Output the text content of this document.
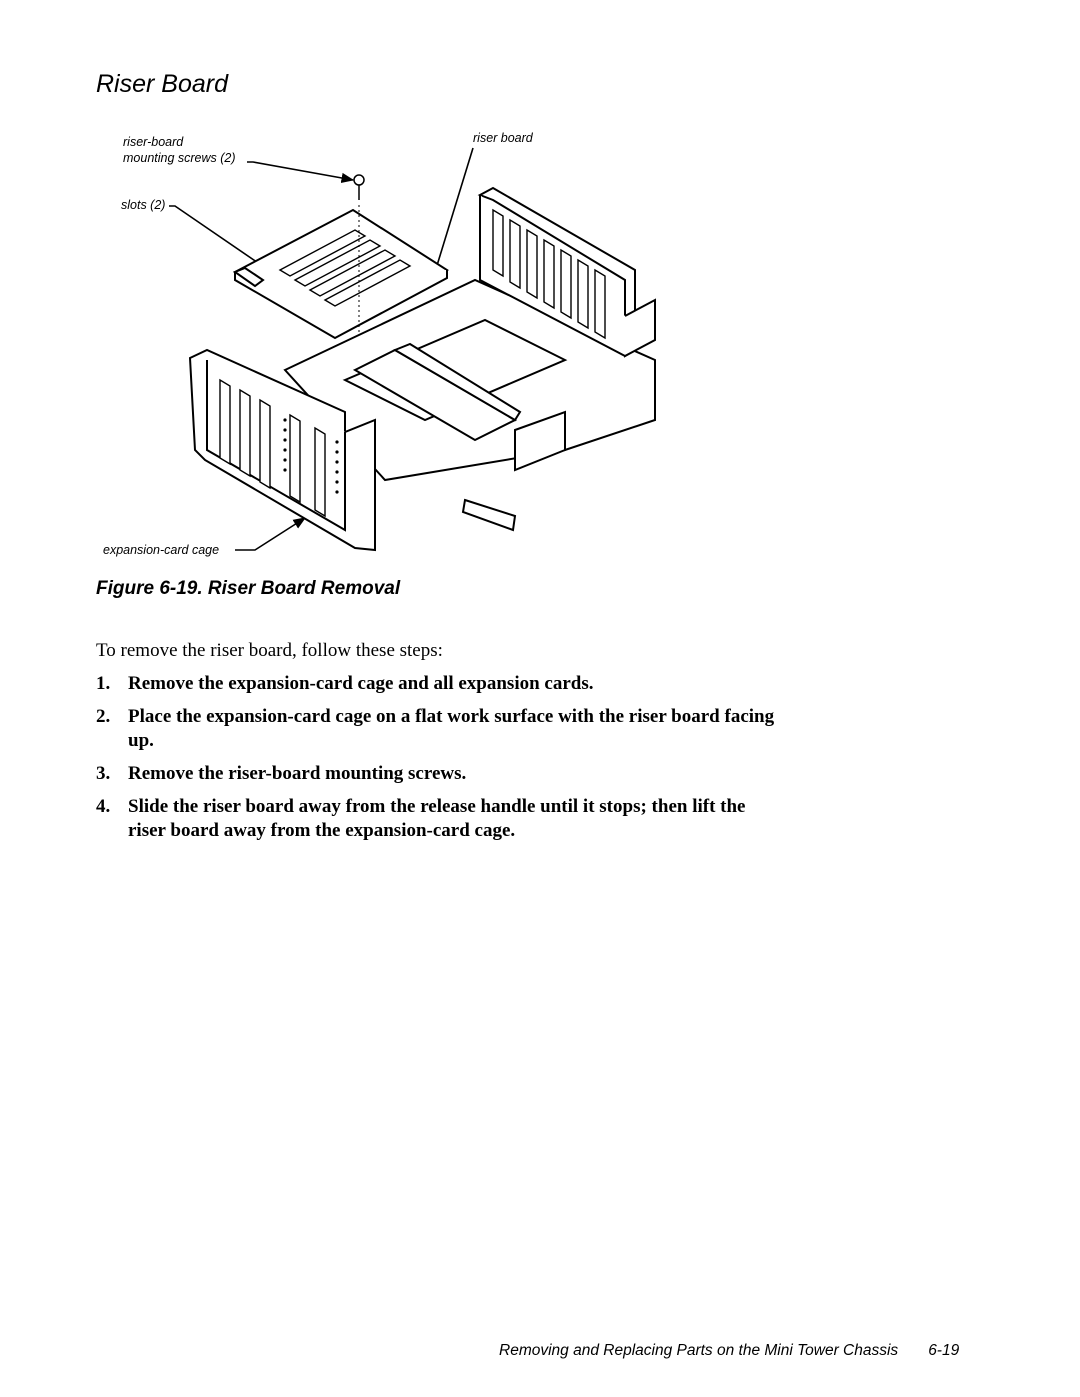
Riser Board
riser-board
mounting screws (2)
slots (2)
riser board
expansion-card cage
Figure 6-19. Riser Board Removal
To remove the riser board, follow these steps:
1. Remove the expansion-card cage and all expansion cards.
2. Place the expansion-card cage on a flat work surface with the riser board facing up.
3. Remove the riser-board mounting screws.
4. Slide the riser board away from the release handle until it stops; then lift the riser board away from the expansion-card cage.
Removing and Replacing Parts on the Mini Tower Chassis 6-19
